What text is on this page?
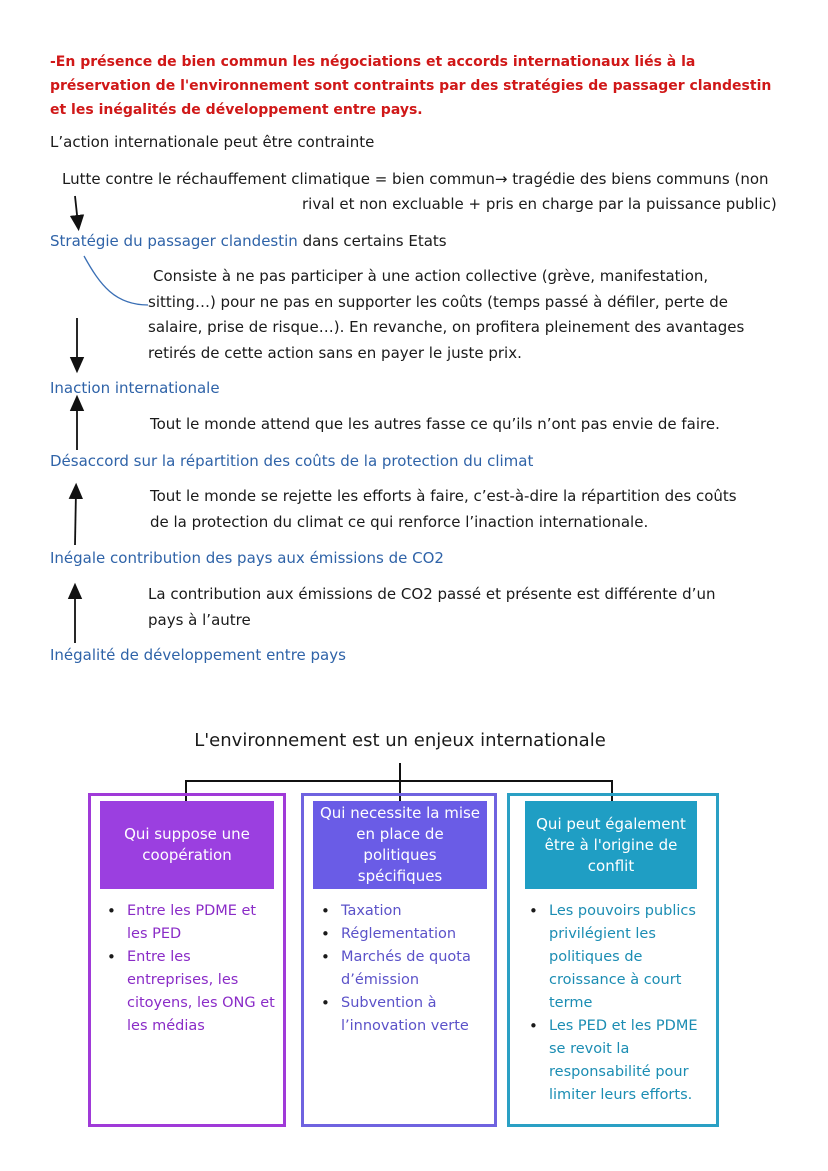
-En présence de bien commun les négociations et accords internationaux liés à la préservation de l'environnement sont contraints par des stratégies de passager clandestin et les inégalités de développement entre pays.
L’action internationale peut être contrainte
Lutte contre le réchauffement climatique = bien commun→ tragédie des biens communs (non
rival et non excluable + pris en charge par la puissance public)
Stratégie du passager clandestin dans certains Etats
Consiste à ne pas participer à une action collective (grève, manifestation, sitting…) pour ne pas en supporter les coûts (temps passé à défiler, perte de salaire, prise de risque…). En revanche, on profitera pleinement des avantages retirés de cette action sans en payer le juste prix.
Inaction internationale
Tout le monde attend que les autres fasse ce qu’ils n’ont pas envie de faire.
Désaccord sur la répartition des coûts de la protection du climat
Tout le monde se rejette les efforts à faire, c’est-à-dire la répartition des coûts de la protection du climat ce qui renforce l’inaction internationale.
Inégale contribution des pays aux émissions de CO2
La contribution aux émissions de CO2 passé et présente est différente d’un pays à l’autre
Inégalité de développement entre pays
L'environnement est un enjeux internationale
Qui suppose une coopération
• Entre les PDME et les PED
• Entre les entreprises, les citoyens, les ONG et les médias
Qui necessite la mise en place de politiques spécifiques
• Taxation
• Réglementation
• Marchés de quota d’émission
• Subvention à l’innovation verte
Qui peut également être à l'origine de conflit
• Les pouvoirs publics privilégient les politiques de croissance à court terme
• Les PED et les PDME se revoit la responsabilité pour limiter leurs efforts.
